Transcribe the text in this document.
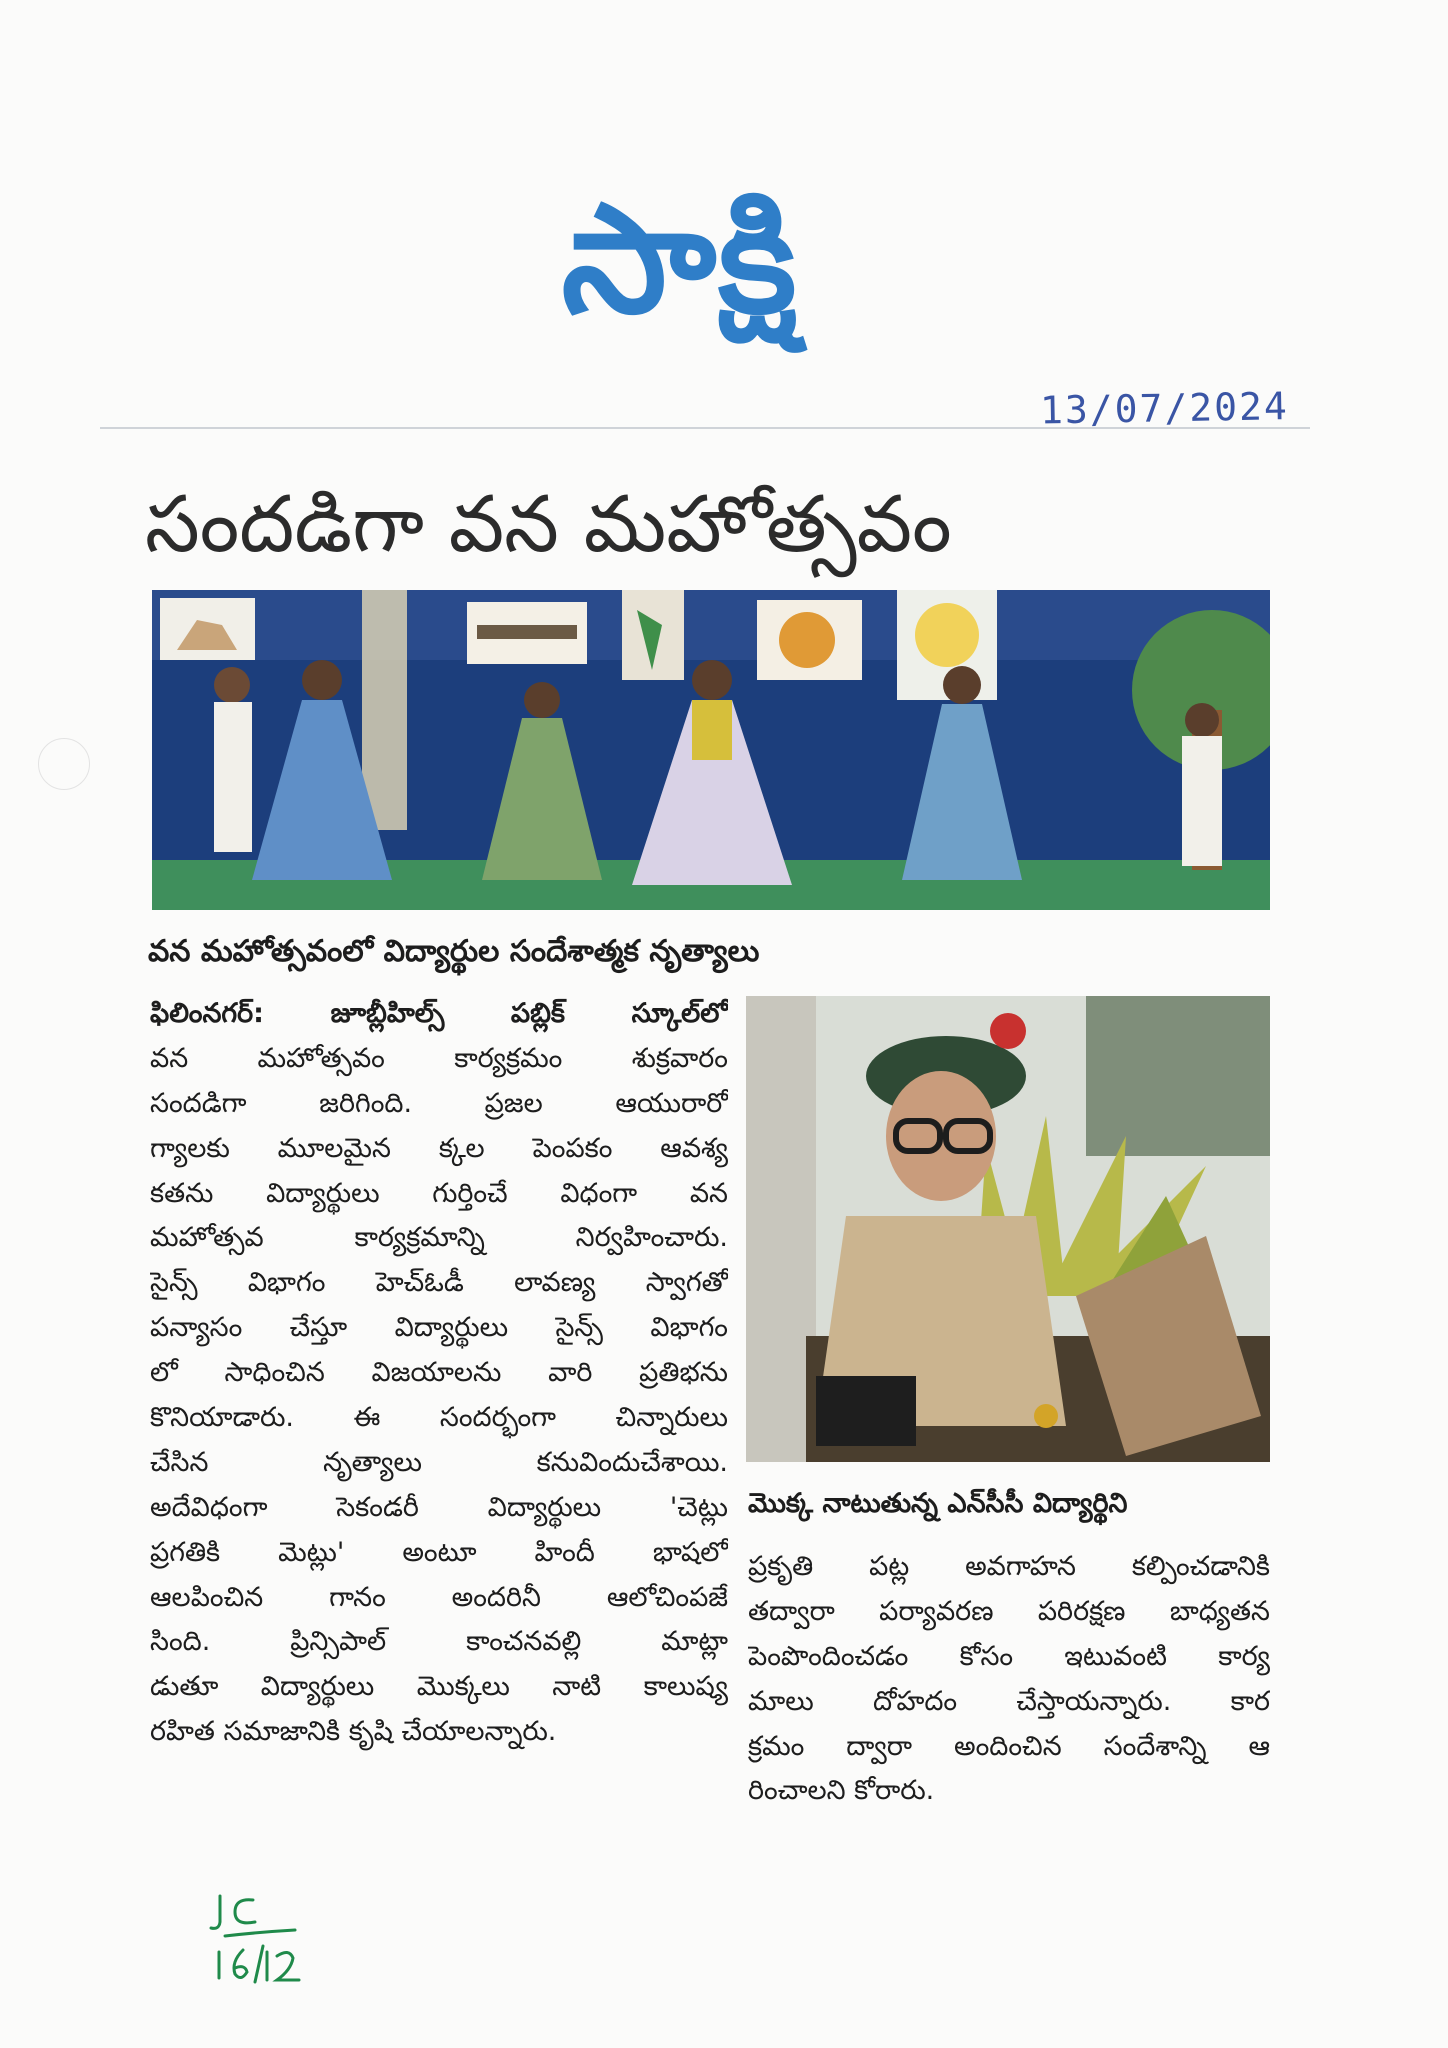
సాక్షి
13/07/2024
సందడిగా వన మహోత్సవం
వన మహోత్సవంలో విద్యార్థుల సందేశాత్మక నృత్యాలు
మొక్క నాటుతున్న ఎన్‌సీసీ విద్యార్థిని
ఫిలింనగర్: జూబ్లీహిల్స్ పబ్లిక్ స్కూల్‌లో
వన మహోత్సవం కార్యక్రమం శుక్రవారం
సందడిగా జరిగింది. ప్రజల ఆయురారో
గ్యాలకు మూలమైన క్కల పెంపకం ఆవశ్య
కతను విద్యార్థులు గుర్తించే విధంగా వన
మహోత్సవ కార్యక్రమాన్ని నిర్వహించారు.
సైన్స్ విభాగం హెచ్‌ఓడీ లావణ్య స్వాగతో
పన్యాసం చేస్తూ విద్యార్థులు సైన్స్ విభాగం
లో సాధించిన విజయాలను వారి ప్రతిభను
కొనియాడారు. ఈ సందర్భంగా చిన్నారులు
చేసిన నృత్యాలు కనువిందుచేశాయి.
అదేవిధంగా సెకండరీ విద్యార్థులు 'చెట్లు
ప్రగతికి మెట్లు' అంటూ హిందీ భాషలో
ఆలపించిన గానం అందరినీ ఆలోచింపజే
సింది. ప్రిన్సిపాల్ కాంచనవల్లి మాట్లా
డుతూ విద్యార్థులు మొక్కలు నాటి కాలుష్య
రహిత సమాజానికి కృషి చేయాలన్నారు.
ప్రకృతి పట్ల అవగాహన కల్పించడానికి
తద్వారా పర్యావరణ పరిరక్షణ బాధ్యతన
పెంపొందించడం కోసం ఇటువంటి కార్య
మాలు దోహదం చేస్తాయన్నారు. కార
క్రమం ద్వారా అందించిన సందేశాన్ని ఆ
రించాలని కోరారు.
